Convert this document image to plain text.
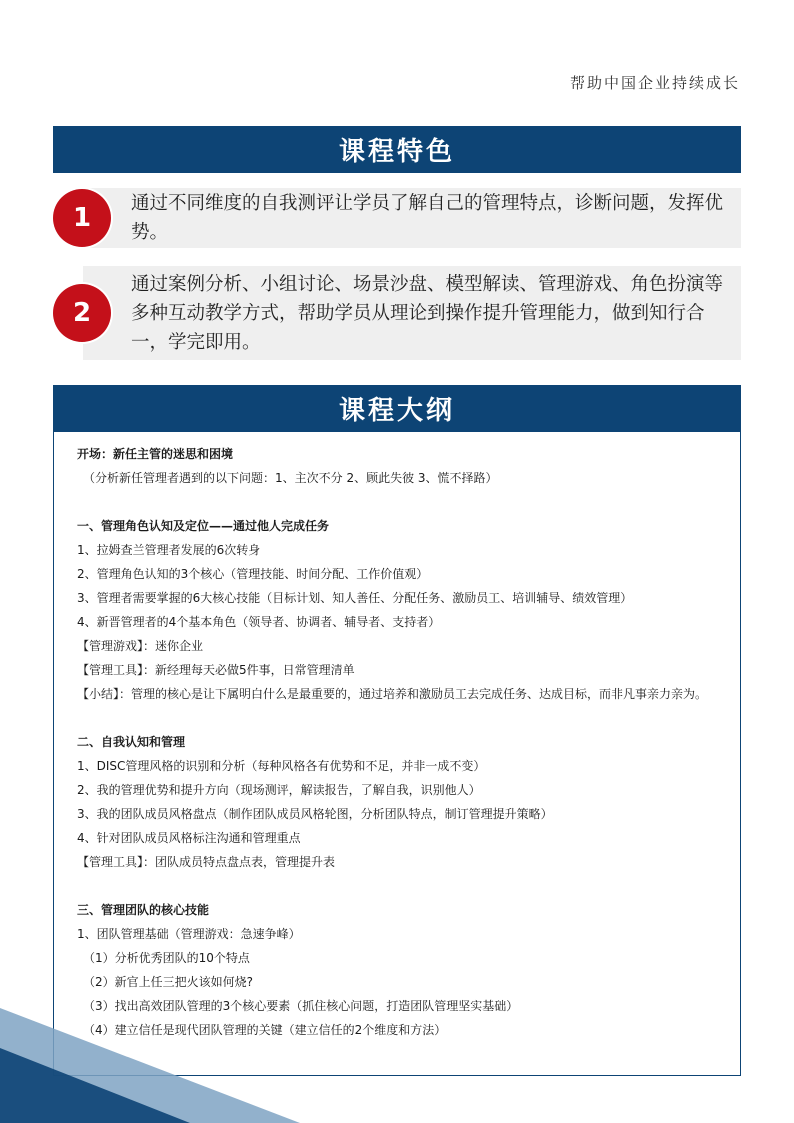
帮助中国企业持续成长
课程特色
通过不同维度的自我测评让学员了解自己的管理特点，诊断问题，发挥优势。
1
通过案例分析、小组讨论、场景沙盘、模型解读、管理游戏、角色扮演等多种互动教学方式，帮助学员从理论到操作提升管理能力，做到知行合一，学完即用。
2
课程大纲
开场：新任主管的迷思和困境
（分析新任管理者遇到的以下问题：1、主次不分 2、顾此失彼 3、慌不择路）
一、管理角色认知及定位——通过他人完成任务
1、拉姆查兰管理者发展的6次转身
2、管理角色认知的3个核心（管理技能、时间分配、工作价值观）
3、管理者需要掌握的6大核心技能（目标计划、知人善任、分配任务、激励员工、培训辅导、绩效管理）
4、新晋管理者的4个基本角色（领导者、协调者、辅导者、支持者）
【管理游戏】：迷你企业
【管理工具】：新经理每天必做5件事，日常管理清单
【小结】：管理的核心是让下属明白什么是最重要的，通过培养和激励员工去完成任务、达成目标，而非凡事亲力亲为。
二、自我认知和管理
1、DISC管理风格的识别和分析（每种风格各有优势和不足，并非一成不变）
2、我的管理优势和提升方向（现场测评，解读报告，了解自我，识别他人）
3、我的团队成员风格盘点（制作团队成员风格轮图，分析团队特点，制订管理提升策略）
4、针对团队成员风格标注沟通和管理重点
【管理工具】：团队成员特点盘点表，管理提升表
三、管理团队的核心技能
1、团队管理基础（管理游戏：急速争峰）
（1）分析优秀团队的10个特点
（2）新官上任三把火该如何烧?
（3）找出高效团队管理的3个核心要素（抓住核心问题，打造团队管理坚实基础）
（4）建立信任是现代团队管理的关键（建立信任的2个维度和方法）
